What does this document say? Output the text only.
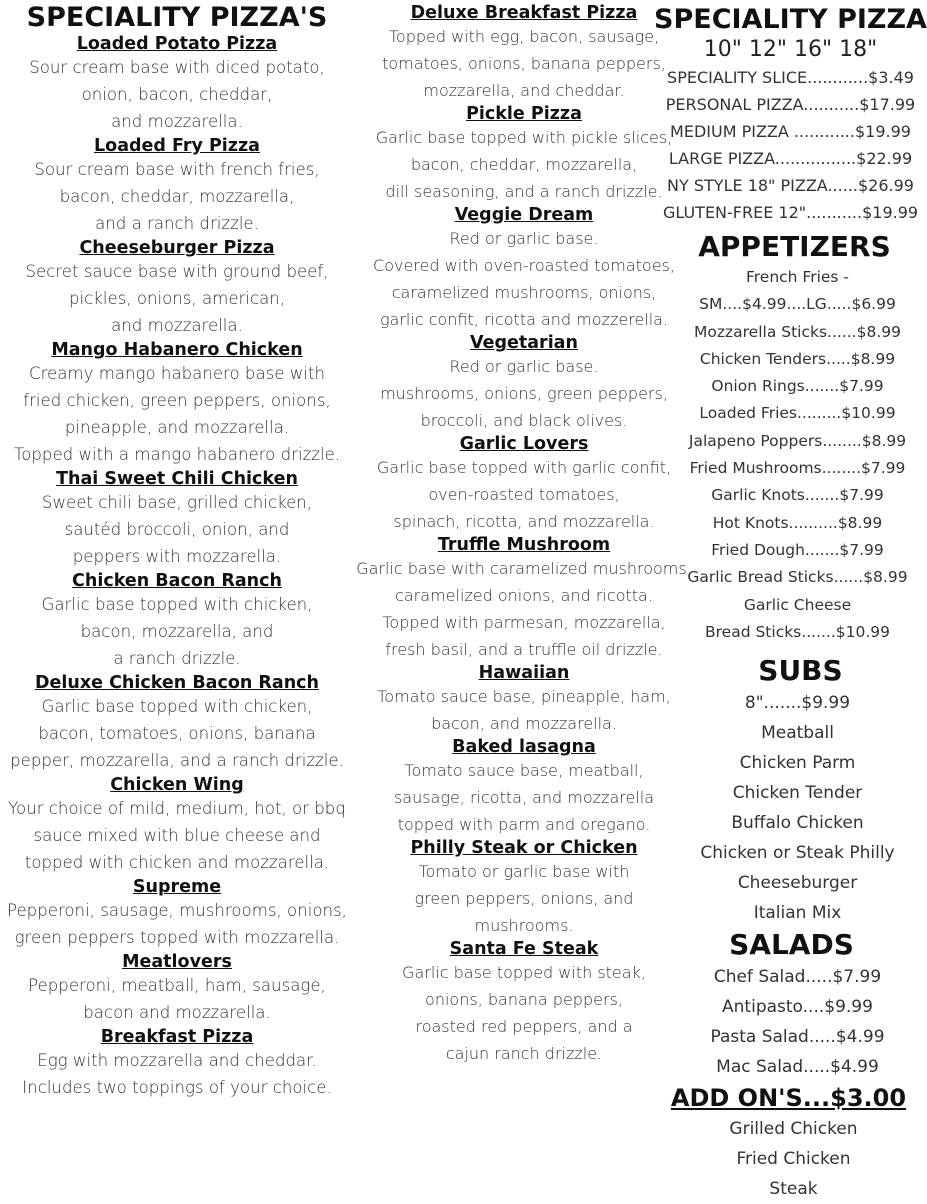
SPECIALITY PIZZA'S
Loaded Potato Pizza
Sour cream base with diced potato,
onion, bacon, cheddar,
and mozzarella.
Loaded Fry Pizza
Sour cream base with french fries,
bacon, cheddar, mozzarella,
and a ranch drizzle.
Cheeseburger Pizza
Secret sauce base with ground beef,
pickles, onions, american,
and mozzarella.
Mango Habanero Chicken
Creamy mango habanero base with
fried chicken, green peppers, onions,
pineapple, and mozzarella.
Topped with a mango habanero drizzle.
Thai Sweet Chili Chicken
Sweet chili base, grilled chicken,
sautéd broccoli, onion, and
peppers with mozzarella.
Chicken Bacon Ranch
Garlic base topped with chicken,
bacon, mozzarella, and
a ranch drizzle.
Deluxe Chicken Bacon Ranch
Garlic base topped with chicken,
bacon, tomatoes, onions, banana
pepper, mozzarella, and a ranch drizzle.
Chicken Wing
Your choice of mild, medium, hot, or bbq
sauce mixed with blue cheese and
topped with chicken and mozzarella.
Supreme
Pepperoni, sausage, mushrooms, onions,
green peppers topped with mozzarella.
Meatlovers
Pepperoni, meatball, ham, sausage,
bacon and mozzarella.
Breakfast Pizza
Egg with mozzarella and cheddar.
Includes two toppings of your choice.
Deluxe Breakfast Pizza
Topped with egg, bacon, sausage,
tomatoes, onions, banana peppers,
mozzarella, and cheddar.
Pickle Pizza
Garlic base topped with pickle slices,
bacon, cheddar, mozzarella,
dill seasoning, and a ranch drizzle.
Veggie Dream
Red or garlic base.
Covered with oven-roasted tomatoes,
caramelized mushrooms, onions,
garlic confit, ricotta and mozzerella.
Vegetarian
Red or garlic base.
mushrooms, onions, green peppers,
broccoli, and black olives.
Garlic Lovers
Garlic base topped with garlic confit,
oven-roasted tomatoes,
spinach, ricotta, and mozzarella.
Truffle Mushroom
Garlic base with caramelized mushrooms,
caramelized onions, and ricotta.
Topped with parmesan, mozzarella,
fresh basil, and a truffle oil drizzle.
Hawaiian
Tomato sauce base, pineapple, ham,
bacon, and mozzarella.
Baked lasagna
Tomato sauce base, meatball,
sausage, ricotta, and mozzarella
topped with parm and oregano.
Philly Steak or Chicken
Tomato or garlic base with
green peppers, onions, and
mushrooms.
Santa Fe Steak
Garlic base topped with steak,
onions, banana peppers,
roasted red peppers, and a
cajun ranch drizzle.
SPECIALITY PIZZA
10" 12" 16" 18"
SPECIALITY SLICE............$3.49
PERSONAL PIZZA...........$17.99
MEDIUM PIZZA ............$19.99
LARGE PIZZA................$22.99
NY STYLE 18" PIZZA......$26.99
GLUTEN-FREE 12"...........$19.99
APPETIZERS
French Fries -
SM....$4.99....LG.....$6.99
Mozzarella Sticks......$8.99
Chicken Tenders.....$8.99
Onion Rings.......$7.99
Loaded Fries.........$10.99
Jalapeno Poppers........$8.99
Fried Mushrooms........$7.99
Garlic Knots.......$7.99
Hot Knots..........$8.99
Fried Dough.......$7.99
Garlic Bread Sticks......$8.99
Garlic Cheese
Bread Sticks.......$10.99
SUBS
8".......$9.99
Meatball
Chicken Parm
Chicken Tender
Buffalo Chicken
Chicken or Steak Philly
Cheeseburger
Italian Mix
SALADS
Chef Salad.....$7.99
Antipasto....$9.99
Pasta Salad.....$4.99
Mac Salad.....$4.99
ADD ON'S...$3.00
Grilled Chicken
Fried Chicken
Steak
